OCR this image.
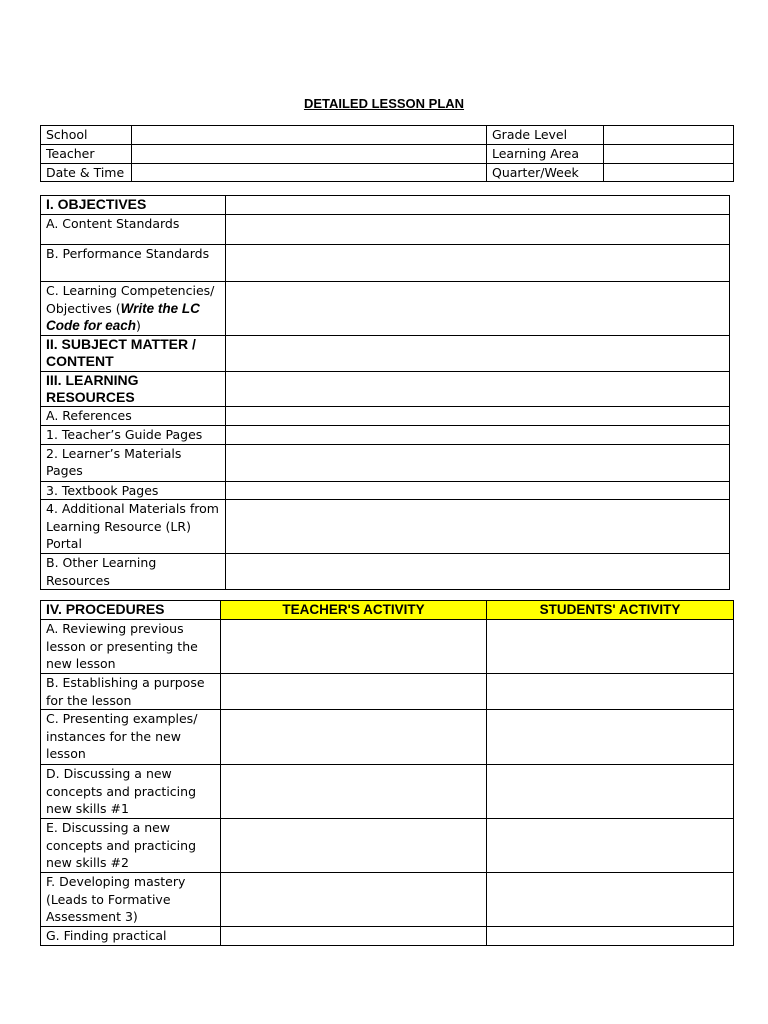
DETAILED LESSON PLAN
School		Grade Level	
Teacher		Learning Area	
Date & Time		Quarter/Week	
I. OBJECTIVES	
A. Content Standards	
B. Performance Standards	
C. Learning Competencies/ Objectives (Write the LC Code for each)	
II. SUBJECT MATTER / CONTENT	
III. LEARNING RESOURCES	
A. References	
1. Teacher’s Guide Pages	
2. Learner’s Materials Pages	
3. Textbook Pages	
4. Additional Materials from Learning Resource (LR) Portal	
B. Other Learning Resources	
IV. PROCEDURES	TEACHER'S ACTIVITY	STUDENTS' ACTIVITY
A. Reviewing previous lesson or presenting the new lesson		
B. Establishing a purpose for the lesson		
C. Presenting examples/ instances for the new lesson		
D. Discussing a new concepts and practicing new skills #1		
E. Discussing a new concepts and practicing new skills #2		
F. Developing mastery (Leads to Formative Assessment 3)		
G. Finding practical		
